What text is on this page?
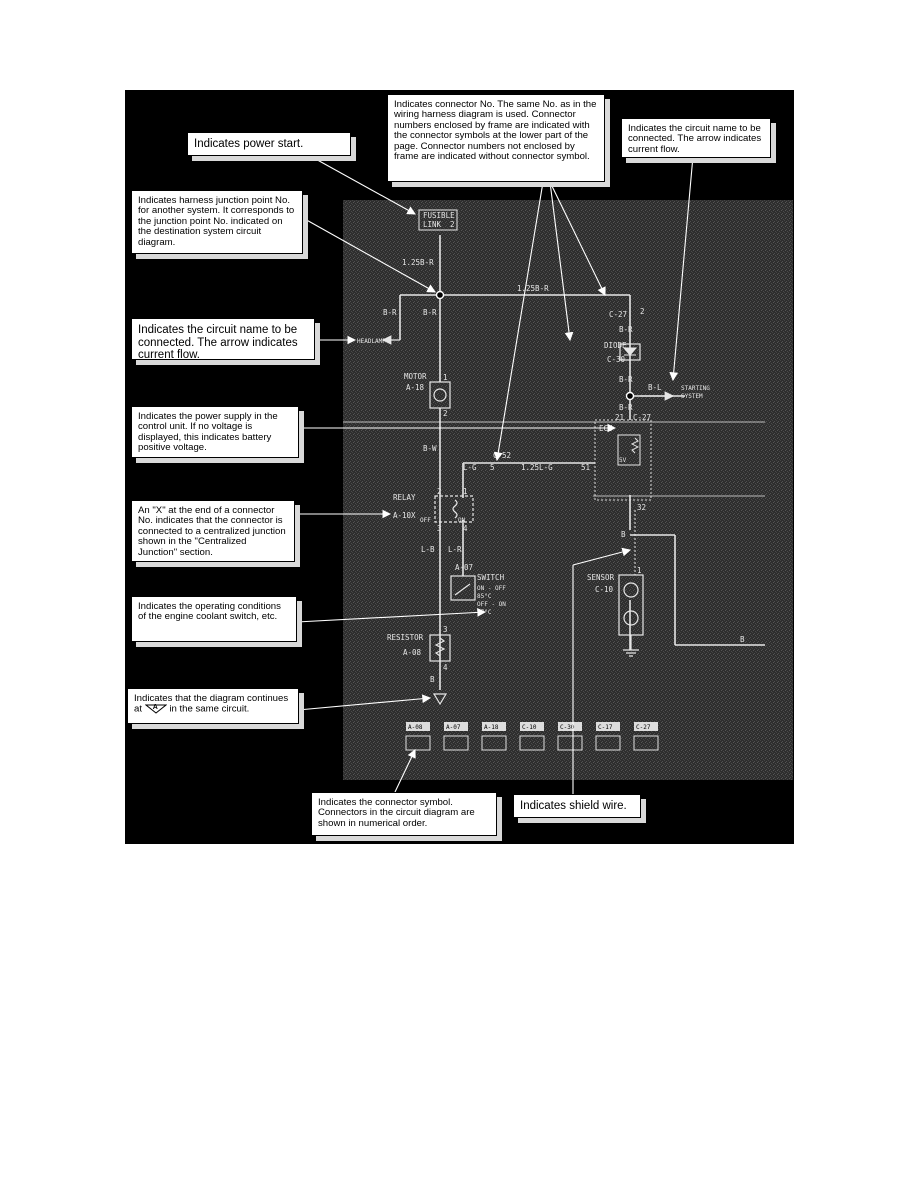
FUSIBLE
LINK 2
1.25B-R
1.25B-R
B-R	B-R
HEADLAMP
MOTOR
A-18
1
2
B-W
L-G 5	1.25L-G	51
C-52
RELAY
A-10X
2	1
3	4
OFF	ON
L-B L-R
A-07
SWITCH
ON - OFF
85°C
OFF - ON
87°C
RESISTOR
A-08
3
4
B
C-27 2
B-R
DIODE
C-30
B-R
B-L	STARTING
SYSTEM
B-R
21 C-27
ECU
5V
32
B
1
SENSOR
C-10
B
A-08	A-07	A-18	C-10	C-30	C-17	C-27

Indicates connector No. The same No. as in the wiring harness diagram is used. Connector numbers enclosed by frame are indicated with the connector symbols at the lower part of the page. Connector numbers not enclosed by frame are indicated without connector symbol.

Indicates the circuit name to be connected. The arrow indicates current flow.

Indicates power start.

Indicates harness junction point No. for another system. It corresponds to the junction point No. indicated on the destination system circuit diagram.

Indicates the circuit name to be connected. The arrow indicates current flow.

Indicates the power supply in the control unit. If no voltage is displayed, this indicates battery positive voltage.

An "X" at the end of a connector No. indicates that the connector is connected to a centralized junction shown in the "Centralized Junction" section.

Indicates the operating conditions of the engine coolant switch, etc.

Indicates that the diagram continues at A in the same circuit.

Indicates the connector symbol. Connectors in the circuit diagram are shown in numerical order.

Indicates shield wire.
